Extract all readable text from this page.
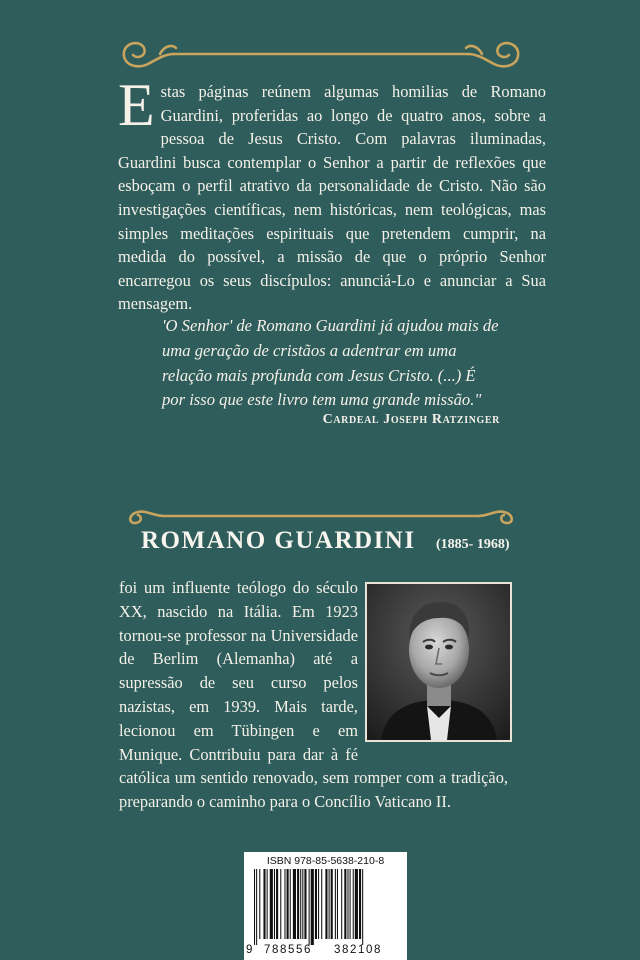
Estas páginas reúnem algumas homilias de Romano Guardini, proferidas ao longo de quatro anos, sobre a pessoa de Jesus Cristo. Com palavras iluminadas, Guardini busca contemplar o Senhor a partir de reflexões que esboçam o perfil atrativo da personalidade de Cristo. Não são investigações científicas, nem históricas, nem teológicas, mas simples meditações espirituais que pretendem cumprir, na medida do possível, a missão de que o próprio Senhor encarregou os seus discípulos: anunciá-Lo e anunciar a Sua mensagem.

'O Senhor' de Romano Guardini já ajudou mais de uma geração de cristãos a adentrar em uma relação mais profunda com Jesus Cristo. (...) É por isso que este livro tem uma grande missão."

Cardeal Joseph Ratzinger
ROMANO GUARDINI (1885- 1968)

foi um influente teólogo do século XX, nascido na Itália. Em 1923 tornou-se professor na Universidade de Berlim (Alemanha) até a supressão de seu curso pelos nazistas, em 1939. Mais tarde, lecionou em Tübingen e em Munique. Contribuiu para dar à fé católica um sentido renovado, sem romper com a tradição, preparando o caminho para o Concílio Vaticano II.

ISBN 978-85-5638-210-8
9 788556 382108
